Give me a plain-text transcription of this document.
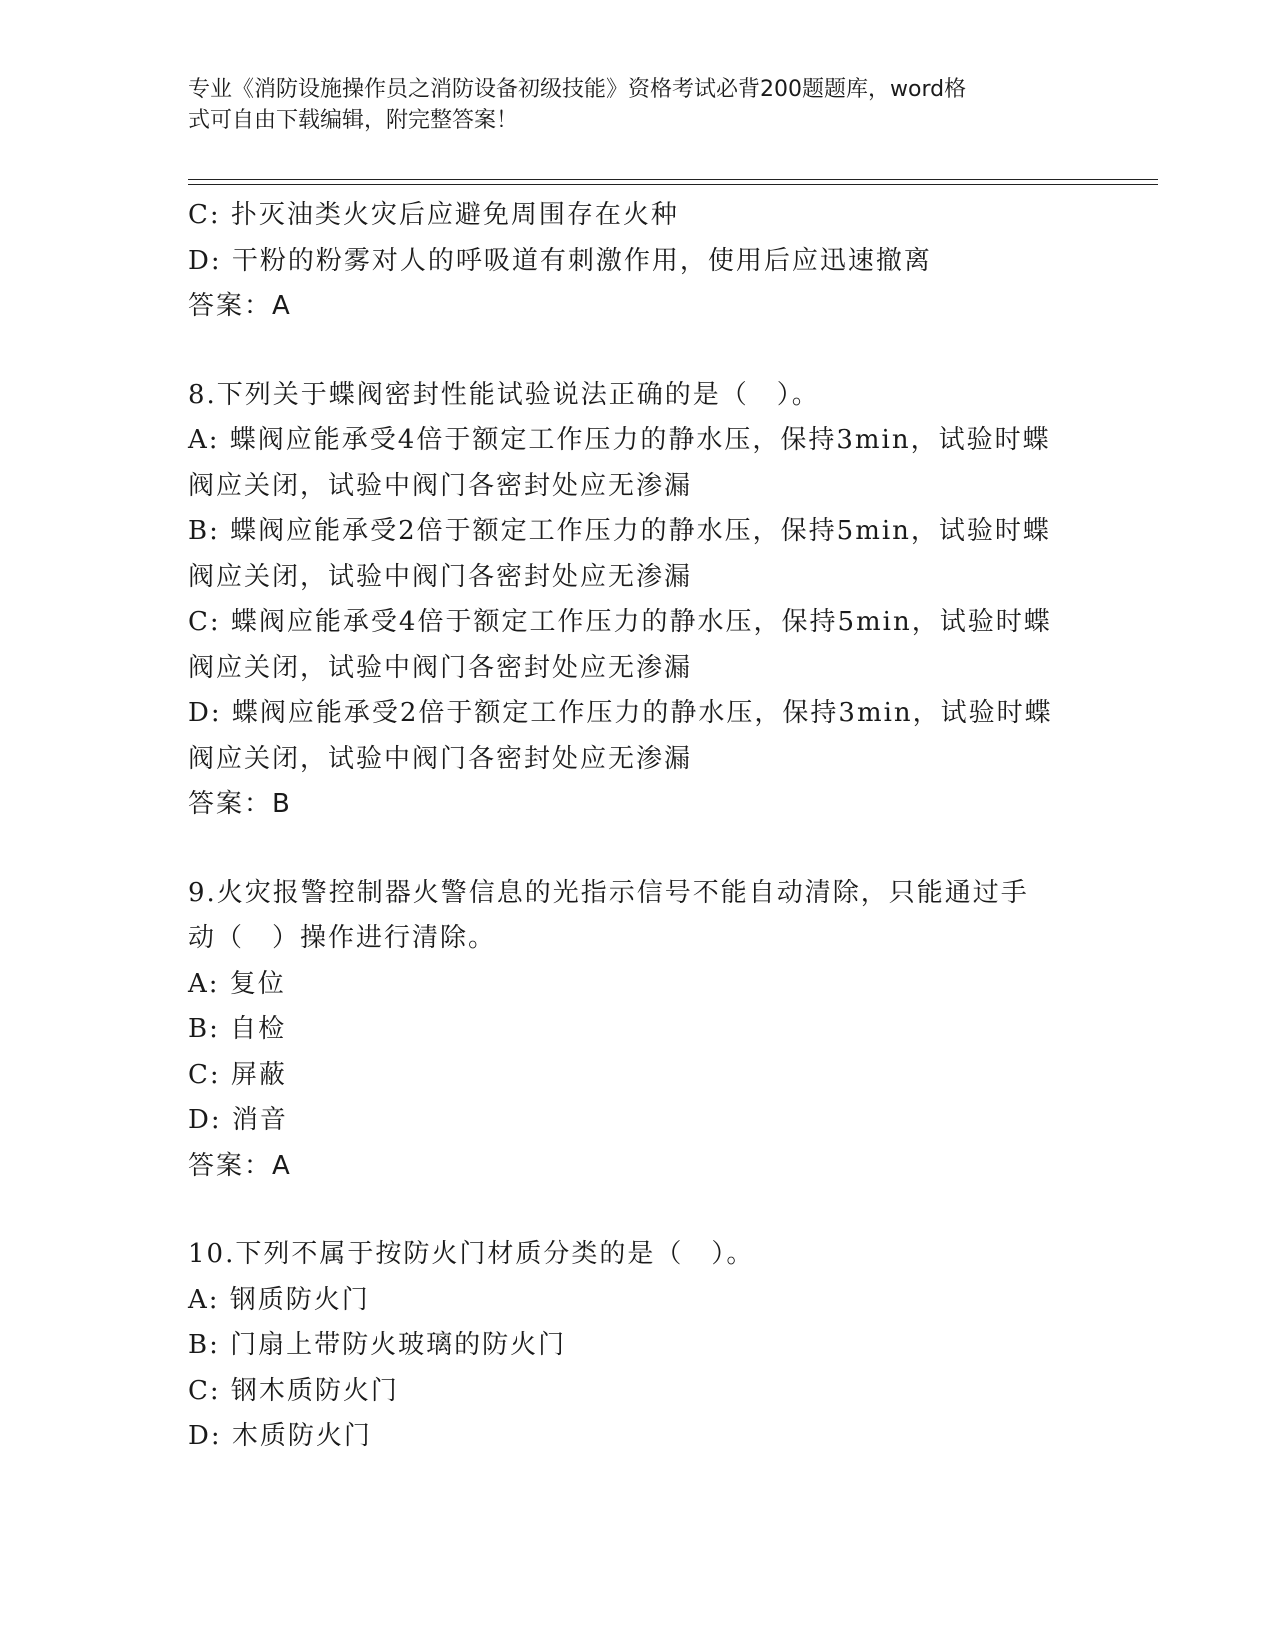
专业《消防设施操作员之消防设备初级技能》资格考试必背200题题库，word格
式可自由下载编辑，附完整答案！
C: 扑灭油类火灾后应避免周围存在火种
D: 干粉的粉雾对人的呼吸道有刺激作用，使用后应迅速撤离
答案：A
8.下列关于蝶阀密封性能试验说法正确的是（　）。
A: 蝶阀应能承受4倍于额定工作压力的静水压，保持3min，试验时蝶
阀应关闭，试验中阀门各密封处应无渗漏
B: 蝶阀应能承受2倍于额定工作压力的静水压，保持5min，试验时蝶
阀应关闭，试验中阀门各密封处应无渗漏
C: 蝶阀应能承受4倍于额定工作压力的静水压，保持5min，试验时蝶
阀应关闭，试验中阀门各密封处应无渗漏
D: 蝶阀应能承受2倍于额定工作压力的静水压，保持3min，试验时蝶
阀应关闭，试验中阀门各密封处应无渗漏
答案：B
9.火灾报警控制器火警信息的光指示信号不能自动清除，只能通过手
动（　）操作进行清除。
A: 复位
B: 自检
C: 屏蔽
D: 消音
答案：A
10.下列不属于按防火门材质分类的是（　）。
A: 钢质防火门
B: 门扇上带防火玻璃的防火门
C: 钢木质防火门
D: 木质防火门
